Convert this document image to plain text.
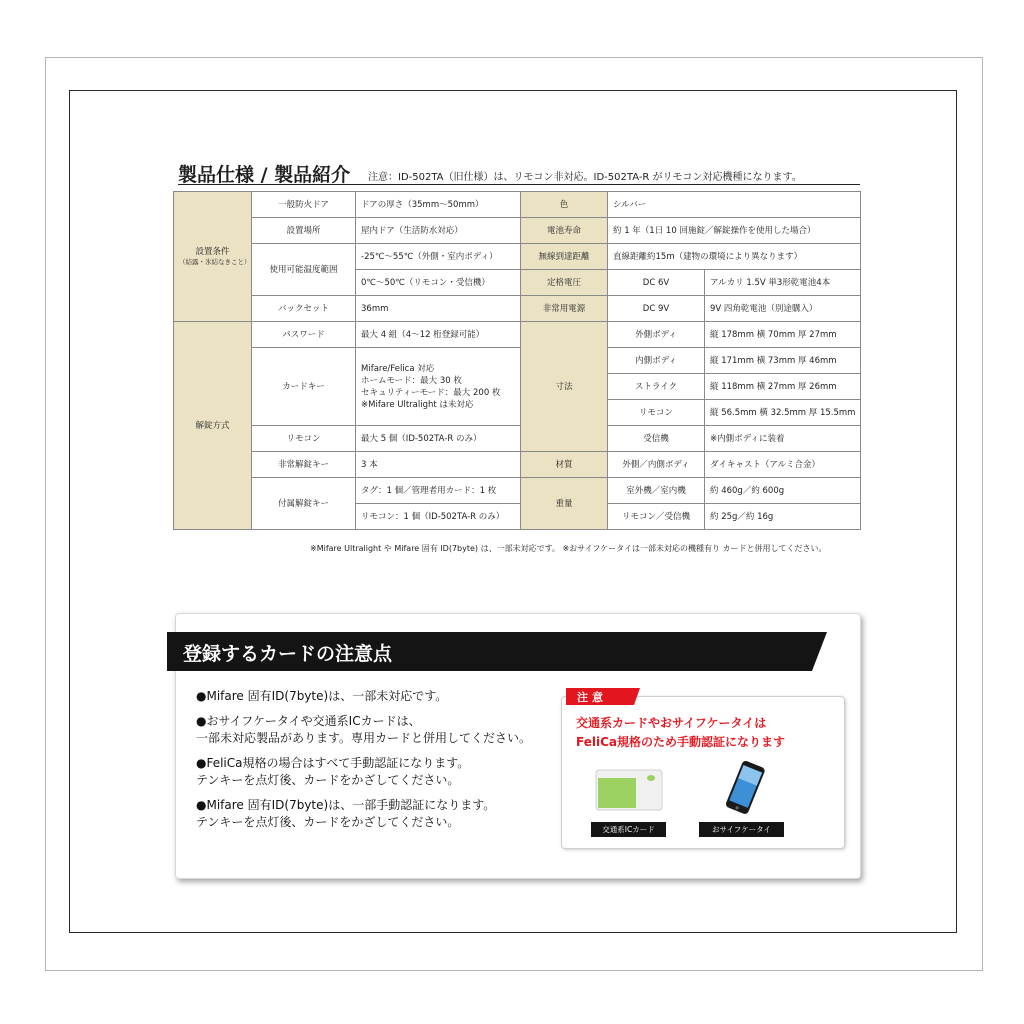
製品仕様 / 製品紹介 注意：ID-502TA（旧仕様）は、リモコン非対応。ID-502TA-R がリモコン対応機種になります。
設置条件
（結露・氷結なきこと）	一般防火ドア	ドアの厚さ（35mm〜50mm）	色	シルバー	
	設置場所	屋内ドア（生活防水対応）	電池寿命	約 1 年（1日 10 回施錠／解錠操作を使用した場合）	
	使用可能温度範囲	-25℃〜55℃（外側・室内ボディ）	無線到達距離	直線距離約15m（建物の環境により異なります）	
		0℃〜50℃（リモコン・受信機）	定格電圧	DC 6V	アルカリ 1.5V 単3形乾電池4本
	バックセット	36mm	非常用電源	DC 9V	9V 四角乾電池（別途購入）
解錠方式	パスワード	最大 4 組（4〜12 桁登録可能）	寸法	外側ボディ	縦 178mm 横 70mm 厚 27mm
	カードキー	Mifare/Felica 対応
ホームモード：最大 30 枚
セキュリティーモード：最大 200 枚
※Mifare Ultralight は未対応		内側ボディ	縦 171mm 横 73mm 厚 46mm
				ストライク	縦 118mm 横 27mm 厚 26mm
				リモコン	縦 56.5mm 横 32.5mm 厚 15.5mm
	リモコン	最大 5 個（ID-502TA-R のみ）		受信機	※内側ボディに装着
	非常解錠キー	3 本	材質	外側／内側ボディ	ダイキャスト（アルミ合金）
	付属解錠キー	タグ：1 個／管理者用カード：1 枚	重量	室外機／室内機	約 460g／約 600g
		リモコン：1 個（ID-502TA-R のみ）		リモコン／受信機	約 25g／約 16g
※Mifare Ultralight や Mifare 固有 ID(7byte) は、一部未対応です。 ※おサイフケータイは一部未対応の機種有り カードと併用してください。
登録するカードの注意点
●Mifare 固有ID(7byte)は、一部未対応です。
●おサイフケータイや交通系ICカードは、
一部未対応製品があります。専用カードと併用してください。
●FeliCa規格の場合はすべて手動認証になります。
テンキーを点灯後、カードをかざしてください。
●Mifare 固有ID(7byte)は、一部手動認証になります。
テンキーを点灯後、カードをかざしてください。
注意
交通系カードやおサイフケータイは
FeliCa規格のため手動認証になります
交通系ICカード	おサイフケータイ
